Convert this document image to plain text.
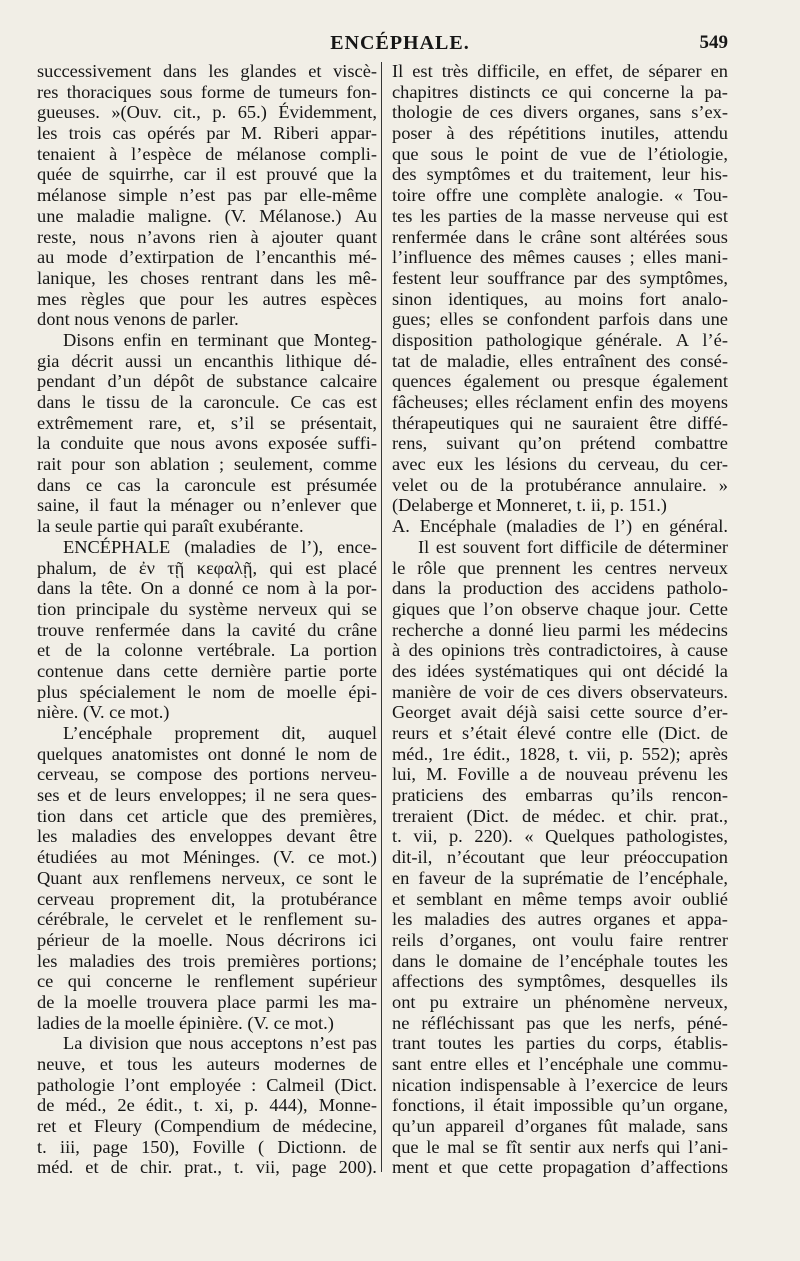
ENCÉPHALE.	549
successivement dans les glandes et viscè-
res thoraciques sous forme de tumeurs fon-
gueuses. »(Ouv. cit., p. 65.) Évidemment,
les trois cas opérés par M. Riberi appar-
tenaient à l’espèce de mélanose compli-
quée de squirrhe, car il est prouvé que la
mélanose simple n’est pas par elle-même
une maladie maligne. (V. Mélanose.) Au
reste, nous n’avons rien à ajouter quant
au mode d’extirpation de l’encanthis mé-
lanique, les choses rentrant dans les mê-
mes règles que pour les autres espèces
dont nous venons de parler.
Disons enfin en terminant que Monteg-
gia décrit aussi un encanthis lithique dé-
pendant d’un dépôt de substance calcaire
dans le tissu de la caroncule. Ce cas est
extrêmement rare, et, s’il se présentait,
la conduite que nous avons exposée suffi-
rait pour son ablation ; seulement, comme
dans ce cas la caroncule est présumée
saine, il faut la ménager ou n’enlever que
la seule partie qui paraît exubérante.
ENCÉPHALE (maladies de l’), ence-
phalum, de ἐν τῇ κεφαλῇ, qui est placé
dans la tête. On a donné ce nom à la por-
tion principale du système nerveux qui se
trouve renfermée dans la cavité du crâne
et de la colonne vertébrale. La portion
contenue dans cette dernière partie porte
plus spécialement le nom de moelle épi-
nière. (V. ce mot.)
L’encéphale proprement dit, auquel
quelques anatomistes ont donné le nom de
cerveau, se compose des portions nerveu-
ses et de leurs enveloppes; il ne sera ques-
tion dans cet article que des premières,
les maladies des enveloppes devant être
étudiées au mot Méninges. (V. ce mot.)
Quant aux renflemens nerveux, ce sont le
cerveau proprement dit, la protubérance
cérébrale, le cervelet et le renflement su-
périeur de la moelle. Nous décrirons ici
les maladies des trois premières portions;
ce qui concerne le renflement supérieur
de la moelle trouvera place parmi les ma-
ladies de la moelle épinière. (V. ce mot.)
La division que nous acceptons n’est pas
neuve, et tous les auteurs modernes de
pathologie l’ont employée : Calmeil (Dict.
de méd., 2e édit., t. xi, p. 444), Monne-
ret et Fleury (Compendium de médecine,
t. iii, page 150), Foville ( Dictionn. de
méd. et de chir. prat., t. vii, page 200).
Il est très difficile, en effet, de séparer en
chapitres distincts ce qui concerne la pa-
thologie de ces divers organes, sans s’ex-
poser à des répétitions inutiles, attendu
que sous le point de vue de l’étiologie,
des symptômes et du traitement, leur his-
toire offre une complète analogie. « Tou-
tes les parties de la masse nerveuse qui est
renfermée dans le crâne sont altérées sous
l’influence des mêmes causes ; elles mani-
festent leur souffrance par des symptômes,
sinon identiques, au moins fort analo-
gues; elles se confondent parfois dans une
disposition pathologique générale. A l’é-
tat de maladie, elles entraînent des consé-
quences également ou presque également
fâcheuses; elles réclament enfin des moyens
thérapeutiques qui ne sauraient être diffé-
rens, suivant qu’on prétend combattre
avec eux les lésions du cerveau, du cer-
velet ou de la protubérance annulaire. »
(Delaberge et Monneret, t. ii, p. 151.)
A. Encéphale (maladies de l’) en général.
Il est souvent fort difficile de déterminer
le rôle que prennent les centres nerveux
dans la production des accidens patholo-
giques que l’on observe chaque jour. Cette
recherche a donné lieu parmi les médecins
à des opinions très contradictoires, à cause
des idées systématiques qui ont décidé la
manière de voir de ces divers observateurs.
Georget avait déjà saisi cette source d’er-
reurs et s’était élevé contre elle (Dict. de
méd., 1re édit., 1828, t. vii, p. 552); après
lui, M. Foville a de nouveau prévenu les
praticiens des embarras qu’ils rencon-
treraient (Dict. de médec. et chir. prat.,
t. vii, p. 220). « Quelques pathologistes,
dit-il, n’écoutant que leur préoccupation
en faveur de la suprématie de l’encéphale,
et semblant en même temps avoir oublié
les maladies des autres organes et appa-
reils d’organes, ont voulu faire rentrer
dans le domaine de l’encéphale toutes les
affections des symptômes, desquelles ils
ont pu extraire un phénomène nerveux,
ne réfléchissant pas que les nerfs, péné-
trant toutes les parties du corps, établis-
sant entre elles et l’encéphale une commu-
nication indispensable à l’exercice de leurs
fonctions, il était impossible qu’un organe,
qu’un appareil d’organes fût malade, sans
que le mal se fît sentir aux nerfs qui l’ani-
ment et que cette propagation d’affections
